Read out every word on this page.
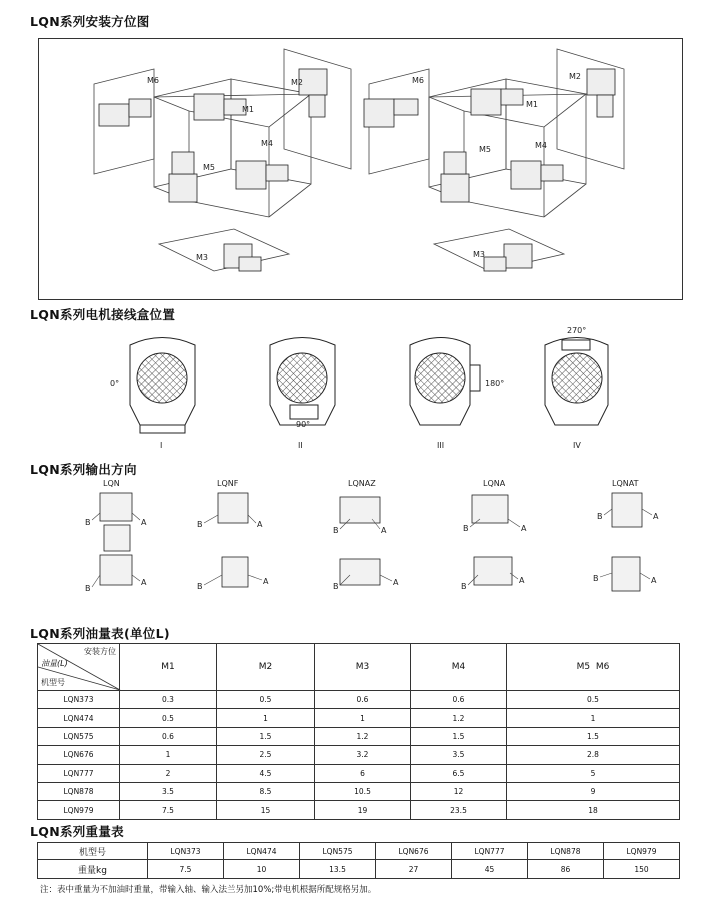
LQN系列安装方位图
LQN系列电机接线盒位置
LQN系列输出方向
LQN系列油量表(单位L)
LQN系列重量表
M6
M1
M2	M6
M1
M2
M5
M4
M5	M4
M3	M3
0°
90°
180°
270°
I	II	III	IV
LQN	LQNF	LQNAZ	LQNA	LQNAT
B	A
B
A
B	A
B
A
B	A
B	A
B	A
B
A
B	A
B	A
安装方位
油量(L)
机型号	M1	M2	M3	M4	M5  M6
LQN373	0.3	0.5	0.6	0.6	0.5
LQN474	0.5	1	1	1.2	1
LQN575	0.6	1.5	1.2	1.5	1.5
LQN676	1	2.5	3.2	3.5	2.8
LQN777	2	4.5	6	6.5	5
LQN878	3.5	8.5	10.5	12	9
LQN979	7.5	15	19	23.5	18
机型号	LQN373	LQN474	LQN575	LQN676	LQN777	LQN878	LQN979
重量kg	7.5	10	13.5	27	45	86	150
注：表中重量为不加油时重量，带输入轴、输入法兰另加10%;带电机根据所配规格另加。
